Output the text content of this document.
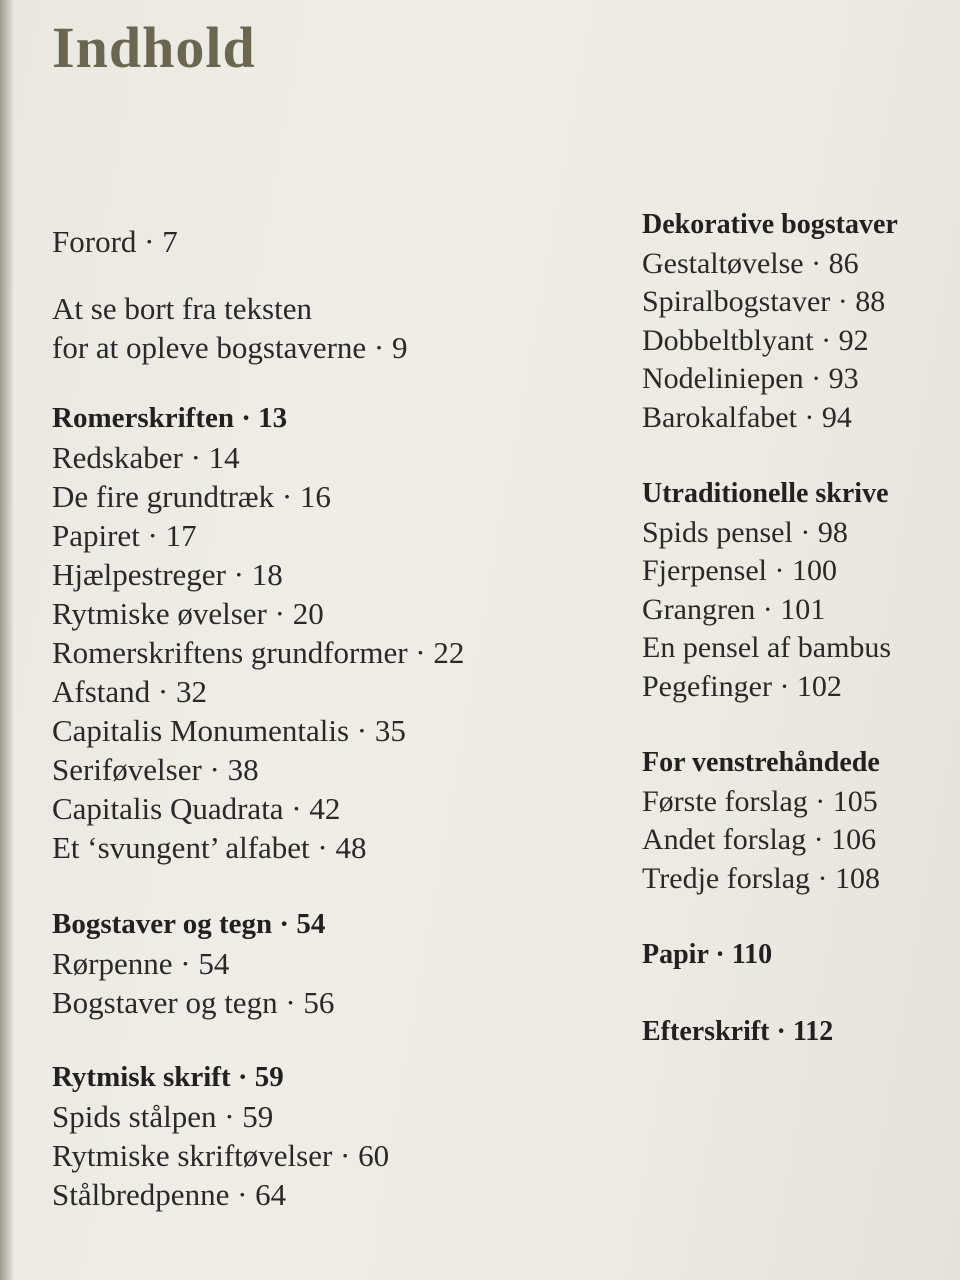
Indhold
Forord · 7
At se bort fra teksten
for at opleve bogstaverne · 9
Romerskriften · 13
Redskaber · 14
De fire grundtræk · 16
Papiret · 17
Hjælpestreger · 18
Rytmiske øvelser · 20
Romerskriftens grundformer · 22
Afstand · 32
Capitalis Monumentalis · 35
Seriføvelser · 38
Capitalis Quadrata · 42
Et ‘svungent’ alfabet · 48
Bogstaver og tegn · 54
Rørpenne · 54
Bogstaver og tegn · 56
Rytmisk skrift · 59
Spids stålpen · 59
Rytmiske skriftøvelser · 60
Stålbredpenne · 64
Dekorative bogstaver
Gestaltøvelse · 86
Spiralbogstaver · 88
Dobbeltblyant · 92
Nodeliniepen · 93
Barokalfabet · 94
Utraditionelle skrive
Spids pensel · 98
Fjerpensel · 100
Grangren · 101
En pensel af bambus
Pegefinger · 102
For venstrehåndede
Første forslag · 105
Andet forslag · 106
Tredje forslag · 108
Papir · 110
Efterskrift · 112
